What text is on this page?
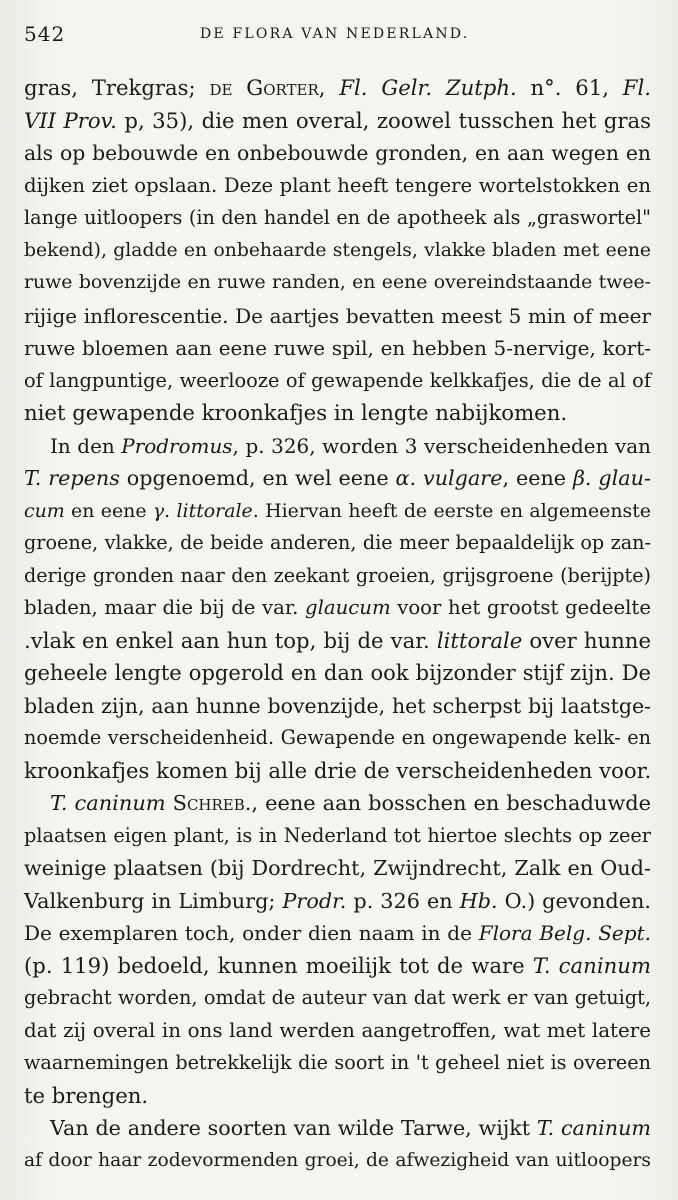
542	DE FLORA VAN NEDERLAND.
gras, Trekgras; de Gorter, Fl. Gelr. Zutph. n°. 61, Fl.
VII Prov. p, 35), die men overal, zoowel tusschen het gras
als op bebouwde en onbebouwde gronden, en aan wegen en
dijken ziet opslaan. Deze plant heeft tengere wortelstokken en
lange uitloopers (in den handel en de apotheek als „graswortel"
bekend), gladde en onbehaarde stengels, vlakke bladen met eene
ruwe bovenzijde en ruwe randen, en eene overeindstaande twee-
rijige inflorescentie. De aartjes bevatten meest 5 min of meer
ruwe bloemen aan eene ruwe spil, en hebben 5-nervige, kort-
of langpuntige, weerlooze of gewapende kelkkafjes, die de al of
niet gewapende kroonkafjes in lengte nabijkomen.
In den Prodromus, p. 326, worden 3 verscheidenheden van
T. repens opgenoemd, en wel eene α. vulgare, eene β. glau-
cum en eene γ. littorale. Hiervan heeft de eerste en algemeenste
groene, vlakke, de beide anderen, die meer bepaaldelijk op zan-
derige gronden naar den zeekant groeien, grijsgroene (berijpte)
bladen, maar die bij de var. glaucum voor het grootst gedeelte
.vlak en enkel aan hun top, bij de var. littorale over hunne
geheele lengte opgerold en dan ook bijzonder stijf zijn. De
bladen zijn, aan hunne bovenzijde, het scherpst bij laatstge-
noemde verscheidenheid. Gewapende en ongewapende kelk- en
kroonkafjes komen bij alle drie de verscheidenheden voor.
T. caninum Schreb., eene aan bosschen en beschaduwde
plaatsen eigen plant, is in Nederland tot hiertoe slechts op zeer
weinige plaatsen (bij Dordrecht, Zwijndrecht, Zalk en Oud-
Valkenburg in Limburg; Prodr. p. 326 en Hb. O.) gevonden.
De exemplaren toch, onder dien naam in de Flora Belg. Sept.
(p. 119) bedoeld, kunnen moeilijk tot de ware T. caninum
gebracht worden, omdat de auteur van dat werk er van getuigt,
dat zij overal in ons land werden aangetroffen, wat met latere
waarnemingen betrekkelijk die soort in 't geheel niet is overeen
te brengen.
Van de andere soorten van wilde Tarwe, wijkt T. caninum
af door haar zodevormenden groei, de afwezigheid van uitloopers
